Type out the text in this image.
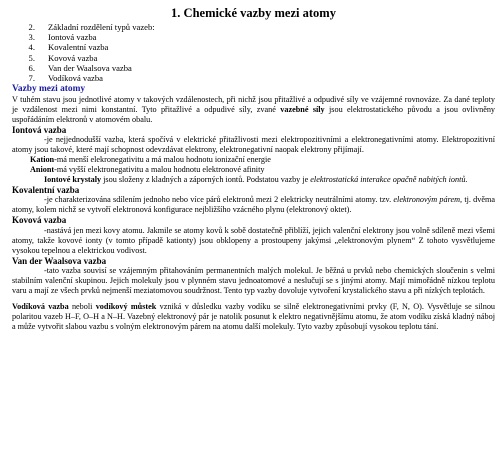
1. Chemické vazby mezi atomy
2.	Základní rozdělení typů vazeb:
3.	Iontová vazba
4.	Kovalentní vazba
5.	Kovová vazba
6.	Van der Waalsova vazba
7.	Vodíková vazba
Vazby mezi atomy

V tuhém stavu jsou jednotlivé atomy v takových vzdálenostech, při nichž jsou přitažlivé a odpudivé síly ve vzájemné rovnováze. Za dané teploty je vzdálenost mezi nimi konstantní. Tyto přitažlivé a odpudivé síly, zvané vazebné síly jsou elektrostatického původu a jsou ovlivněny uspořádáním elektronů v atomovém obalu.

Iontová vazba

-je nejjednodušší vazba, která spočívá v elektrické přitažlivosti mezi elektropozitivními a elektronegativními atomy. Elektropozitivní atomy jsou takové, které mají schopnost odevzdávat elektrony, elektronegativní naopak elektrony přijímají.

Kation-má menší elekronegativitu a má malou hodnotu ionizační energie

Aniont-má vyšší elektronegativitu a malou hodnotu elektronové afinity

Iontové krystaly jsou složeny z kladných a záporných iontů. Podstatou vazby je elektrostatická interakce opačně nabitých iontů.

Kovalentní vazba

-je charakterizována sdílením jednoho nebo více párů elektronů mezi 2 elektricky neutrálními atomy. tzv. elektronovým párem, tj. dvěma atomy, kolem nichž se vytvoří elektronová konfigurace nejbližšího vzácného plynu (elektronový oktet).

Kovová vazba

-nastává jen mezi kovy atomu. Jakmile se atomy kovů k sobě dostatečně přiblíží, jejich valenční elektrony jsou volně sdíleně mezi všemi atomy, takže kovové ionty (v tomto případě kationty) jsou obklopeny a prostoupeny jakýmsi „elektronovým plynem“ Z tohoto vysvětlujeme vysokou tepelnou a elektrickou vodivost.

Van der Waalsova vazba

-tato vazba souvisí se vzájemným přitahováním permanentních malých molekul. Je běžná u prvků nebo chemických sloučenin s velmi stabilním valenční skupinou. Jejich molekuly jsou v plynném stavu jednoatomové a neslučují se s jinými atomy. Mají mimořádně nízkou teplotu varu a mají ze všech prvků nejmenší meziatomovou soudržnost. Tento typ vazby dovoluje vytvoření krystalického stavu a při nízkých teplotách.

Vodíková vazba neboli vodíkový můstek vzniká v důsledku vazby vodíku se silně elektronegativními prvky (F, N, O). Vysvětluje se silnou polaritou vazeb H–F, O–H a N–H. Vazebný elektronový pár je natolik posunut k elektro negativnějšímu atomu, že atom vodíku získá kladný náboj a může vytvořit slabou vazbu s volným elektronovým párem na atomu další molekuly. Tyto vazby způsobují vysokou teplotu tání.
